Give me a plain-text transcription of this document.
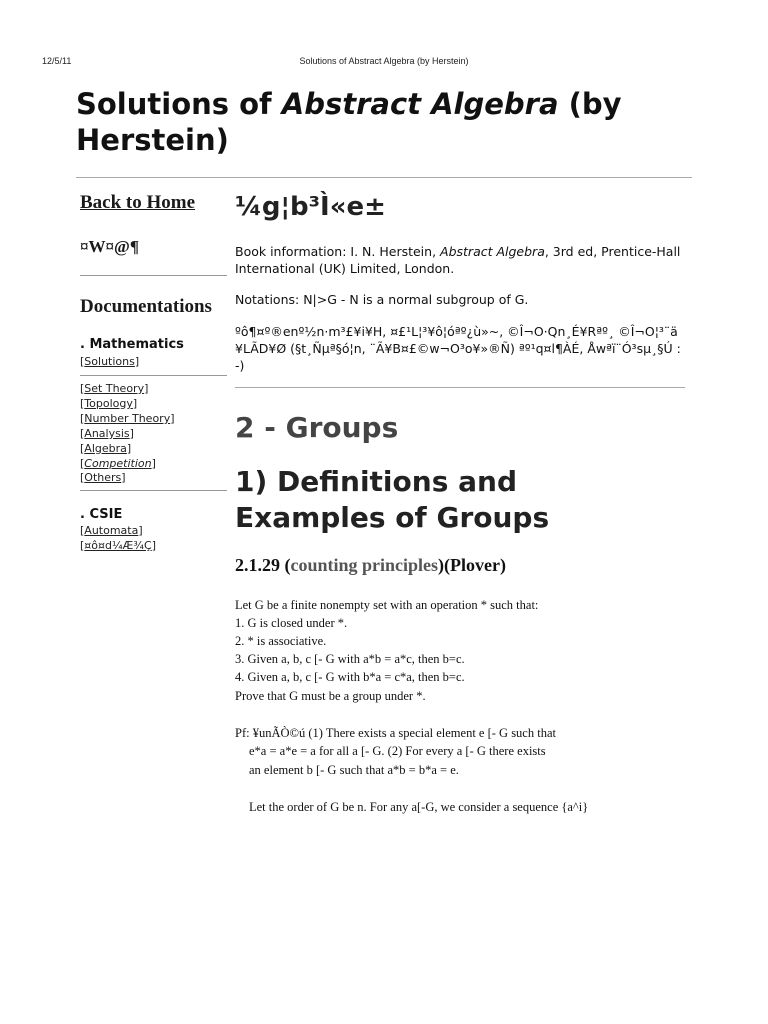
12/5/11	Solutions of Abstract Algebra (by Herstein)
Solutions of Abstract Algebra (by Herstein)
Back to Home
¤W¤@¶
Documentations
. Mathematics
[Solutions]
[Set Theory]
[Topology]
[Number Theory]
[Analysis]
[Algebra]
[Competition]
[Others]
. CSIE
[Automata]
[¤ô¤d¼Æ¾Ç]
¼g¦b³Ì«e±
Book information: I. N. Herstein, Abstract Algebra, 3rd ed, Prentice-Hall International (UK) Limited, London.
Notations: N|>G - N is a normal subgroup of G.
ºô¶¤º®enº½n·m³£¥i¥H, ¤£¹L¦³¥ô¦óªº¿ù»~, ©Î¬O·Qn¸É¥Rªº¸ ©Î¬O¦³¨ä¥LÃD¥Ø (§t¸Ñµª§ó¦n, ¨Ã¥B¤£©w¬O³o¥»®Ñ) ªº¹q¤l¶ÀÉ, Åwªï¨Ó³sµ¸§Ú :-)
2 - Groups
1) Definitions and Examples of Groups
2.1.29 (counting principles)(Plover)
Let G be a finite nonempty set with an operation * such that:
1. G is closed under *.
2. * is associative.
3. Given a, b, c [- G with a*b = a*c, then b=c.
4. Given a, b, c [- G with b*a = c*a, then b=c.
Prove that G must be a group under *.
Pf: ¥unÃÒ©ú (1) There exists a special element e [- G such that
e*a = a*e = a for all a [- G. (2) For every a [- G there exists
an element b [- G such that a*b = b*a = e.
Let the order of G be n. For any a[-G, we consider a sequence {a^i}
